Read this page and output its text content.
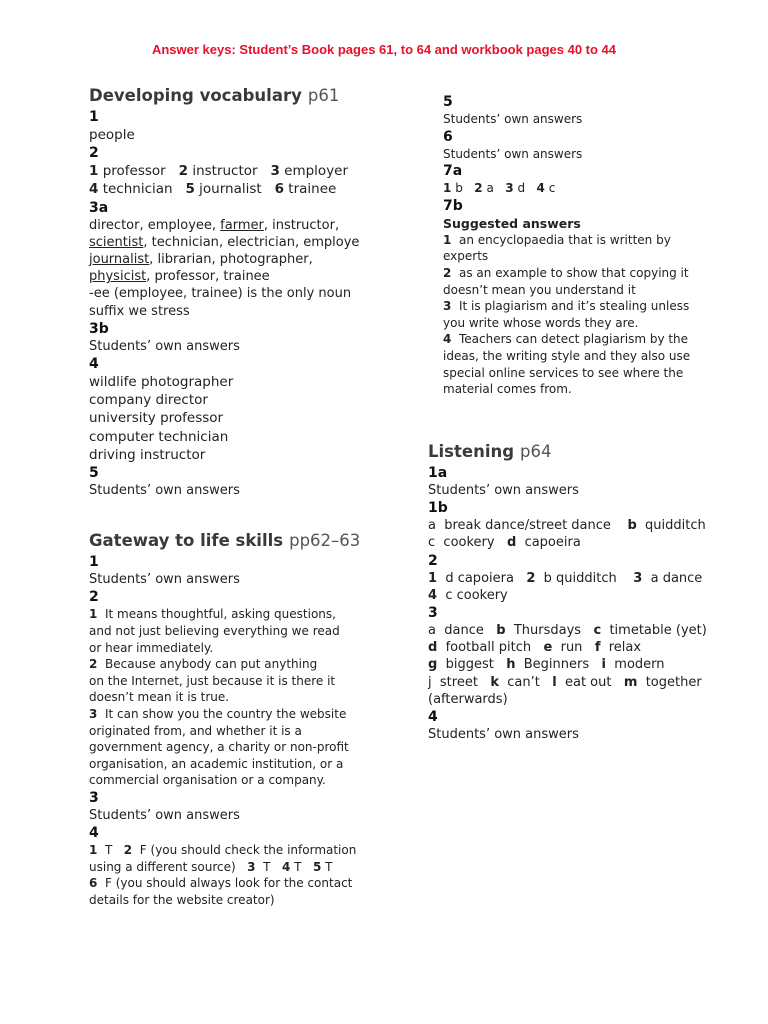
Answer keys: Student’s Book pages 61, to 64 and workbook pages 40 to 44
Developing vocabulary p61
1
people
2
1 professor 2 instructor 3 employer
4 technician 5 journalist 6 trainee
3a
director, employee, farmer, instructor,
scientist, technician, electrician, employe
journalist, librarian, photographer,
physicist, professor, trainee
-ee (employee, trainee) is the only noun
suffix we stress
3b
Students’ own answers
4
wildlife photographer
company director
university professor
computer technician
driving instructor
5
Students’ own answers
Gateway to life skills pp62–63
1
Students’ own answers
2
1 It means thoughtful, asking questions,
and not just believing everything we read
or hear immediately.
2 Because anybody can put anything
on the Internet, just because it is there it
doesn’t mean it is true.
3 It can show you the country the website
originated from, and whether it is a
government agency, a charity or non-profit
organisation, an academic institution, or a
commercial organisation or a company.
3
Students’ own answers
4
1 T 2 F (you should check the information
using a different source) 3 T 4 T 5 T
6 F (you should always look for the contact
details for the website creator)
5
Students’ own answers
6
Students’ own answers
7a
1 b 2 a 3 d 4 c
7b
Suggested answers
1 an encyclopaedia that is written by
experts
2 as an example to show that copying it
doesn’t mean you understand it
3 It is plagiarism and it’s stealing unless
you write whose words they are.
4 Teachers can detect plagiarism by the
ideas, the writing style and they also use
special online services to see where the
material comes from.
Listening p64
1a
Students’ own answers
1b
a break dance/street dance b quidditch
c cookery d capoeira
2
1 d capoiera 2 b quidditch 3 a dance
4 c cookery
3
a dance b Thursdays c timetable (yet)
d football pitch e run f relax
g biggest h Beginners i modern
j street k can’t l eat out m together
(afterwards)
4
Students’ own answers
